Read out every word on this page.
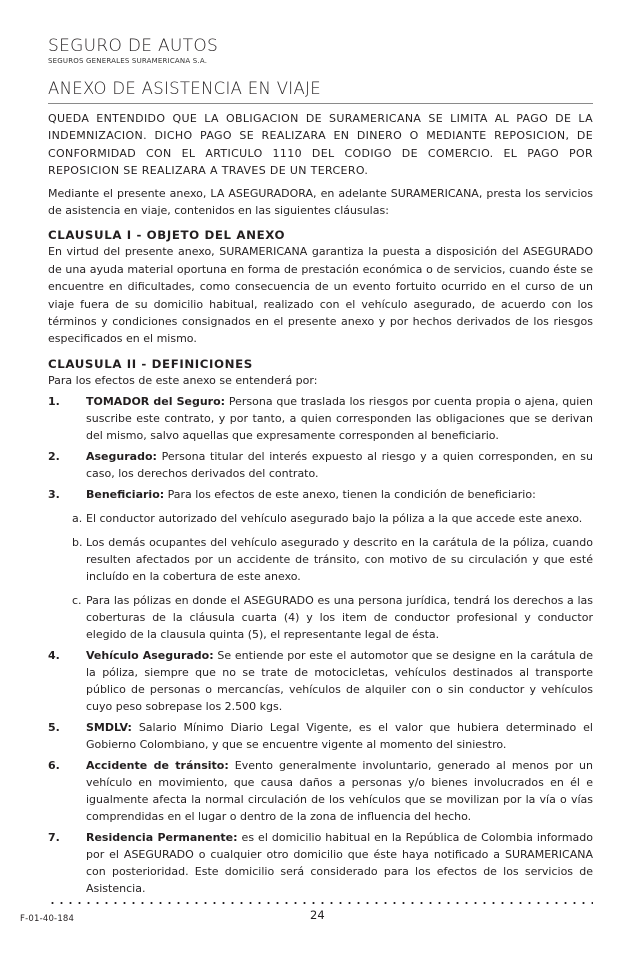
SEGURO DE AUTOS
SEGUROS GENERALES SURAMERICANA S.A.
ANEXO DE ASISTENCIA EN VIAJE
QUEDA ENTENDIDO QUE LA OBLIGACION DE SURAMERICANA SE LIMITA AL PAGO DE LA INDEMNIZACION. DICHO PAGO SE REALIZARA EN DINERO O MEDIANTE REPOSICION, DE CONFORMIDAD CON EL ARTICULO 1110 DEL CODIGO DE COMERCIO. EL PAGO POR REPOSICION SE REALIZARA A TRAVES DE UN TERCERO.
Mediante el presente anexo, LA ASEGURADORA, en adelante SURAMERICANA, presta los servicios de asistencia en viaje, contenidos en las siguientes cláusulas:
CLAUSULA I - OBJETO DEL ANEXO
En virtud del presente anexo, SURAMERICANA garantiza la puesta a disposición del ASEGURADO de una ayuda material oportuna en forma de prestación económica o de servicios, cuando éste se encuentre en dificultades, como consecuencia de un evento fortuito ocurrido en el curso de un viaje fuera de su domicilio habitual, realizado con el vehículo asegurado, de acuerdo con los términos y condiciones consignados en el presente anexo y por hechos derivados de los riesgos especificados en el mismo.
CLAUSULA II - DEFINICIONES
Para los efectos de este anexo se entenderá por:
1.	TOMADOR del Seguro: Persona que traslada los riesgos por cuenta propia o ajena, quien suscribe este contrato, y por tanto, a quien corresponden las obligaciones que se derivan del mismo, salvo aquellas que expresamente corresponden al beneficiario.
2.	Asegurado: Persona titular del interés expuesto al riesgo y a quien corresponden, en su caso, los derechos derivados del contrato.
3.	Beneficiario: Para los efectos de este anexo, tienen la condición de beneficiario:
a. El conductor autorizado del vehículo asegurado bajo la póliza a la que accede este anexo.
b. Los demás ocupantes del vehículo asegurado y descrito en la carátula de la póliza, cuando resulten afectados por un accidente de tránsito, con motivo de su circulación y que esté incluído en la cobertura de este anexo.
c. Para las pólizas en donde el ASEGURADO es una persona jurídica, tendrá los derechos a las coberturas de la cláusula cuarta (4) y los item de conductor profesional y conductor elegido de la clausula quinta (5), el representante legal de ésta.
4.	Vehículo Asegurado: Se entiende por este el automotor que se designe en la carátula de la póliza, siempre que no se trate de motocicletas, vehículos destinados al transporte público de personas o mercancías, vehículos de alquiler con o sin conductor y vehículos cuyo peso sobrepase los 2.500 kgs.
5.	SMDLV: Salario Mínimo Diario Legal Vigente, es el valor que hubiera determinado el Gobierno Colombiano, y que se encuentre vigente al momento del siniestro.
6.	Accidente de tránsito: Evento generalmente involuntario, generado al menos por un vehículo en movimiento, que causa daños a personas y/o bienes involucrados en él e igualmente afecta la normal circulación de los vehículos que se movilizan por la vía o vías comprendidas en el lugar o dentro de la zona de influencia del hecho.
7.	Residencia Permanente: es el domicilio habitual en la República de Colombia informado por el ASEGURADO o cualquier otro domicilio que éste haya notificado a SURAMERICANA con posterioridad. Este domicilio será considerado para los efectos de los servicios de Asistencia.
F-01-40-184	24
